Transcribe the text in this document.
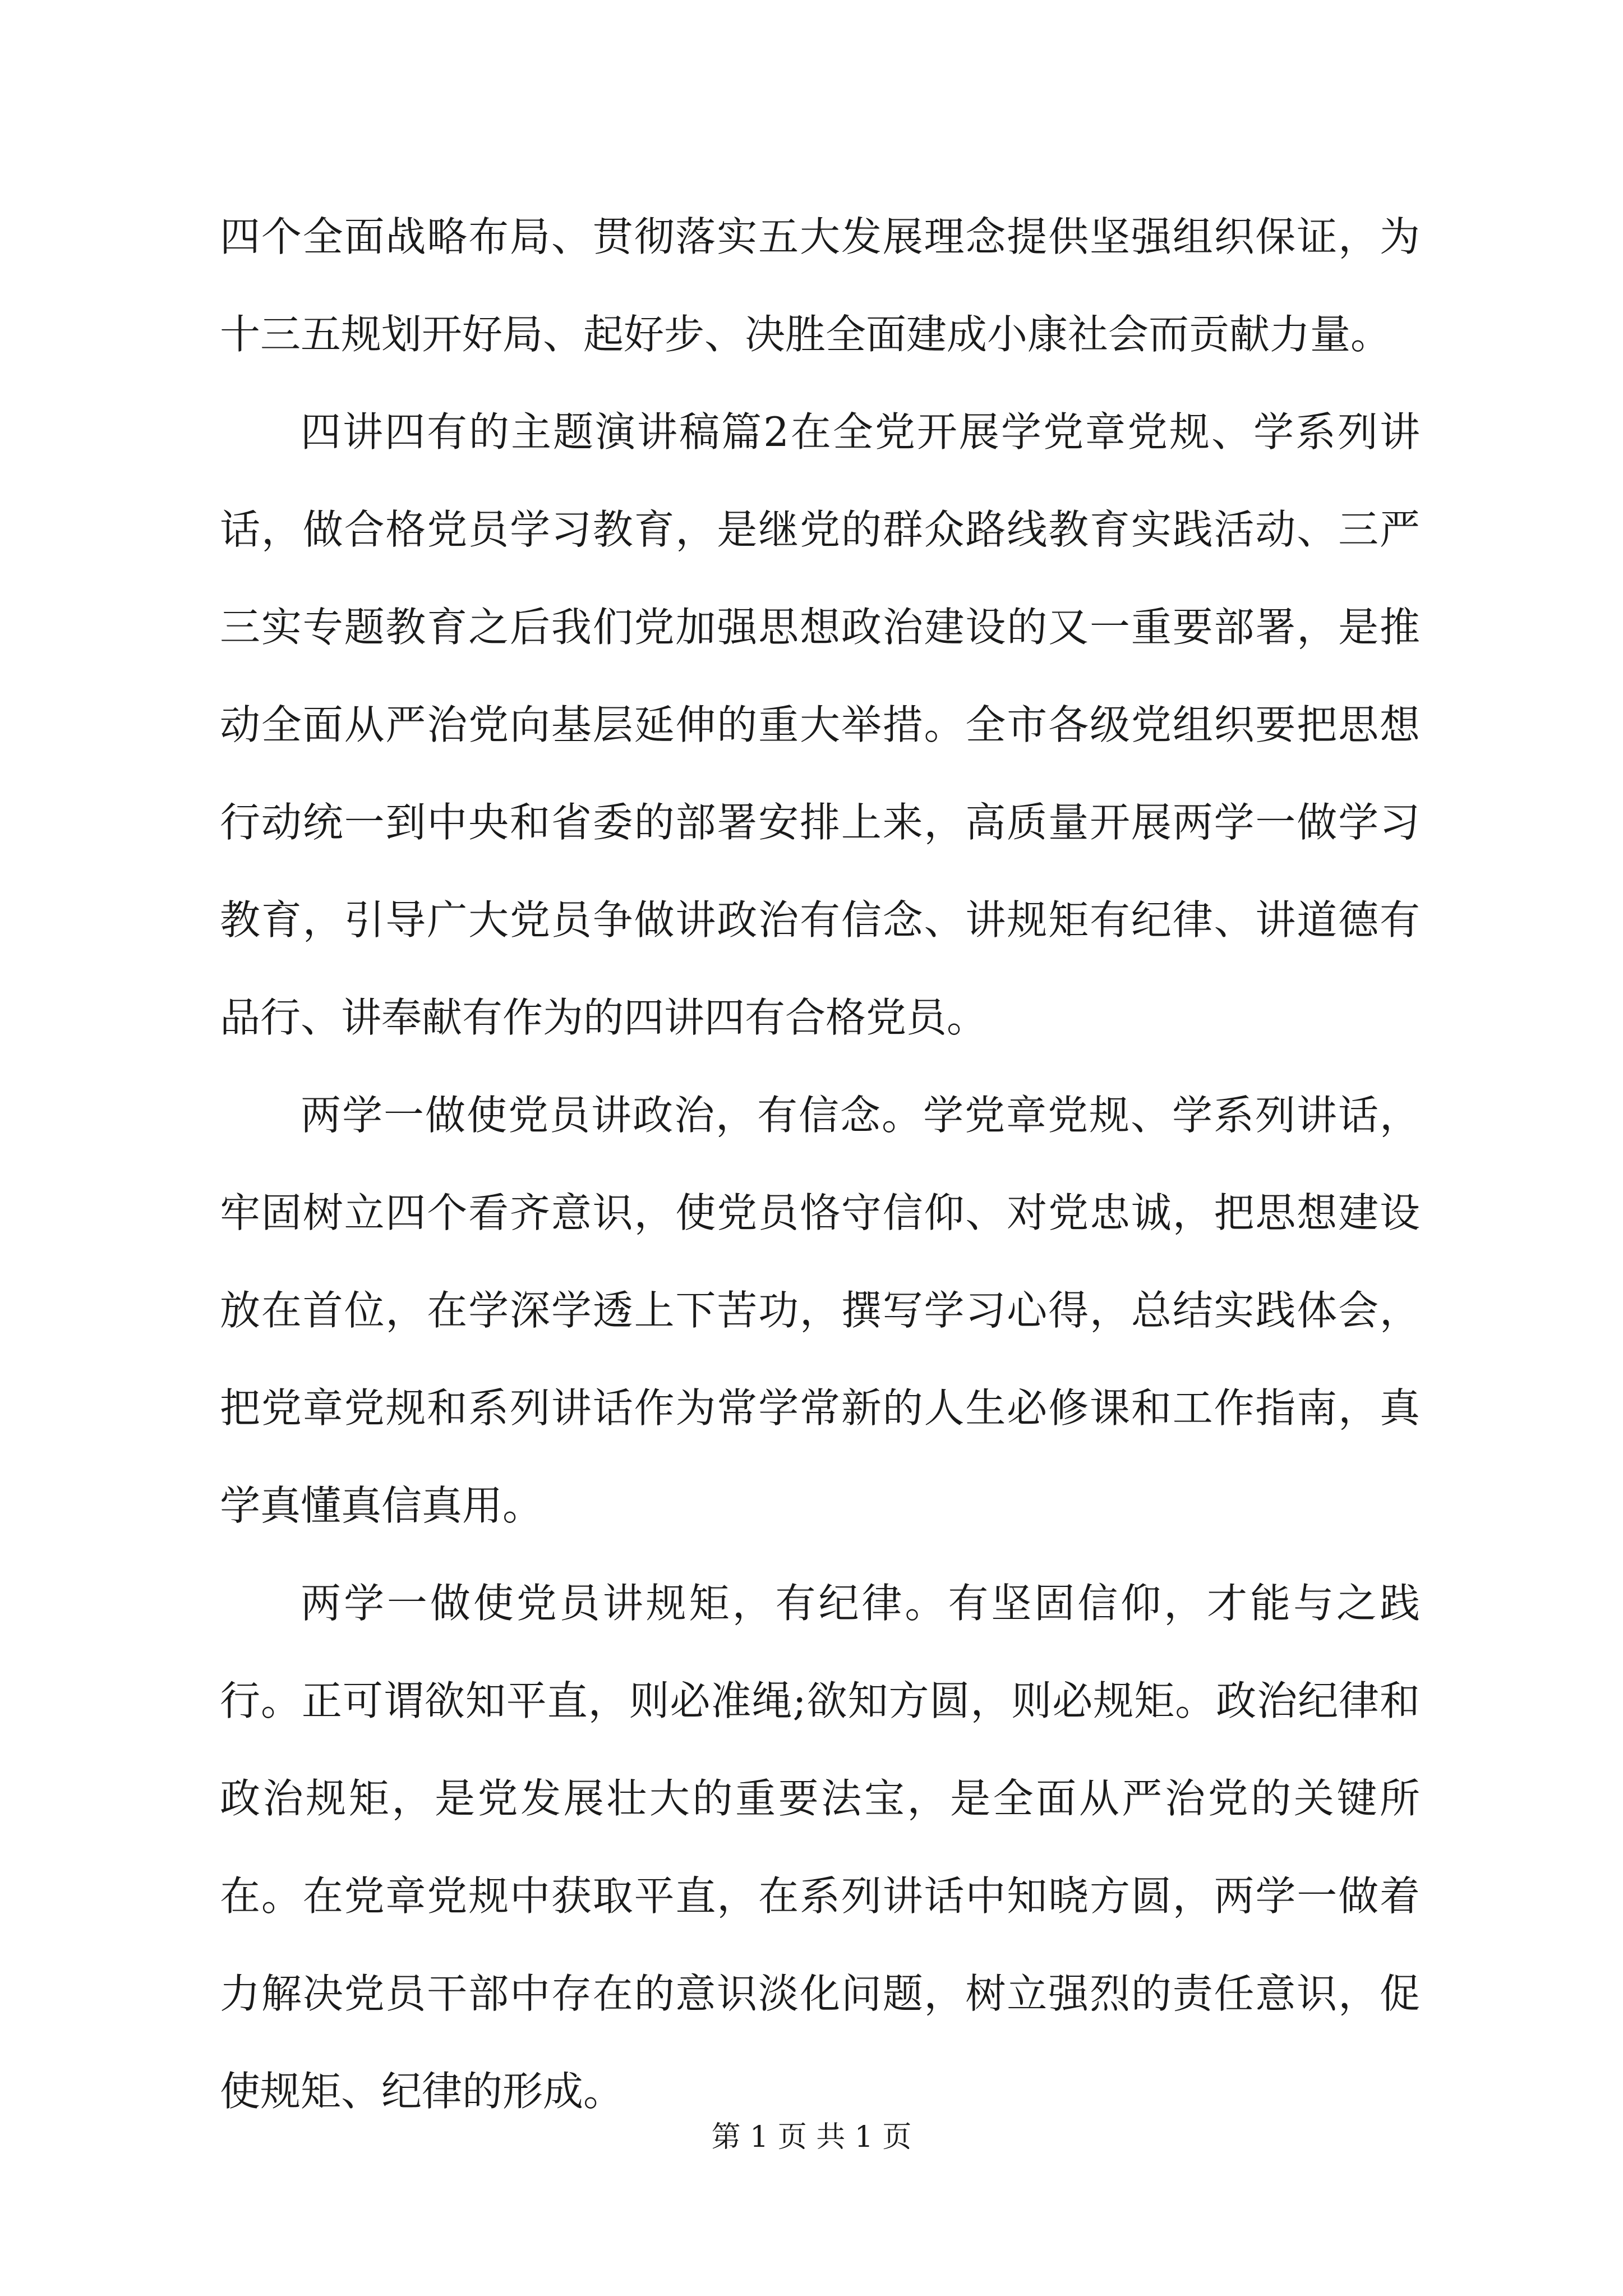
四个全面战略布局、贯彻落实五大发展理念提供坚强组织保证，为十三五规划开好局、起好步、决胜全面建成小康社会而贡献力量。

四讲四有的主题演讲稿篇2在全党开展学党章党规、学系列讲话，做合格党员学习教育，是继党的群众路线教育实践活动、三严三实专题教育之后我们党加强思想政治建设的又一重要部署，是推动全面从严治党向基层延伸的重大举措。全市各级党组织要把思想行动统一到中央和省委的部署安排上来，高质量开展两学一做学习教育，引导广大党员争做讲政治有信念、讲规矩有纪律、讲道德有品行、讲奉献有作为的四讲四有合格党员。

两学一做使党员讲政治，有信念。学党章党规、学系列讲话，牢固树立四个看齐意识，使党员恪守信仰、对党忠诚，把思想建设放在首位，在学深学透上下苦功，撰写学习心得，总结实践体会，把党章党规和系列讲话作为常学常新的人生必修课和工作指南，真学真懂真信真用。

两学一做使党员讲规矩，有纪律。有坚固信仰，才能与之践行。正可谓欲知平直，则必准绳;欲知方圆，则必规矩。政治纪律和政治规矩，是党发展壮大的重要法宝，是全面从严治党的关键所在。在党章党规中获取平直，在系列讲话中知晓方圆，两学一做着力解决党员干部中存在的意识淡化问题，树立强烈的责任意识，促使规矩、纪律的形成。

第 1 页 共 1 页
